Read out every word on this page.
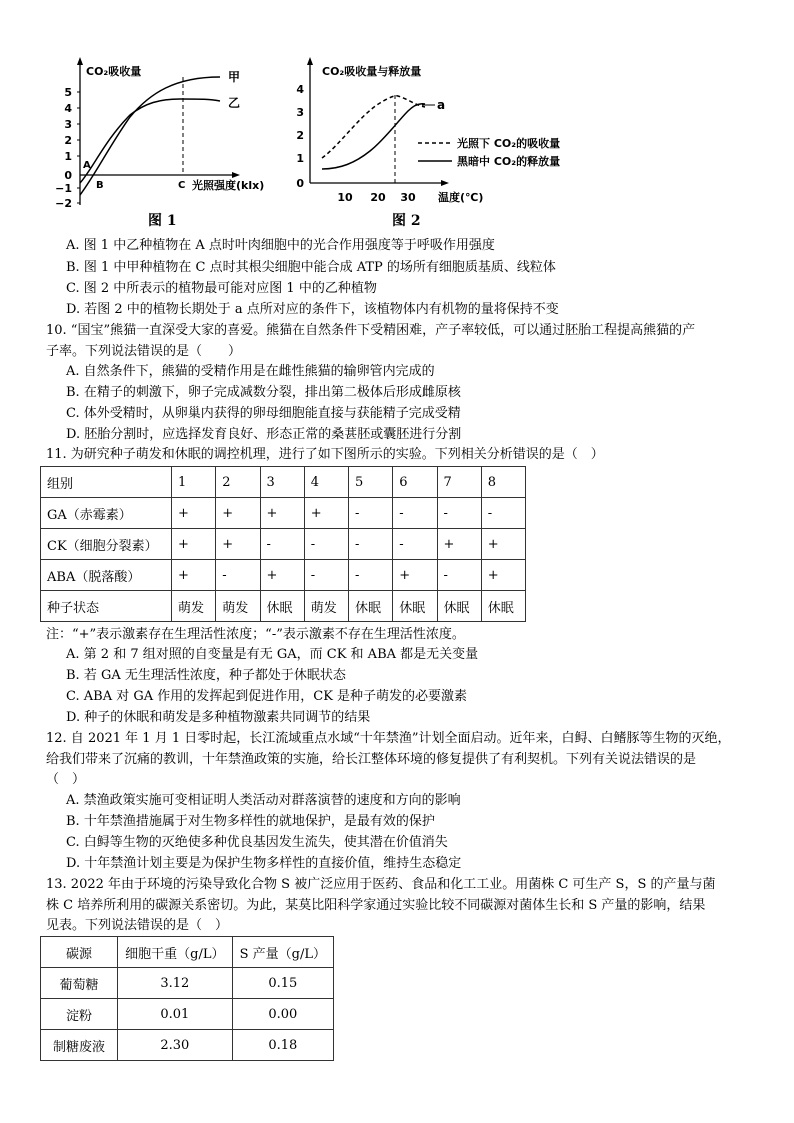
5
4
3
2
1
0
−1
−2
CO₂吸收量	甲
乙
A
B	C 光照强度(klx)
图 1
CO₂吸收量与释放量
4
3
2
1
0
10 20 30 温度(℃)
a
光照下 CO₂的吸收量
黑暗中 CO₂的释放量
图 2
A. 图 1 中乙种植物在 A 点时叶肉细胞中的光合作用强度等于呼吸作用强度
B. 图 1 中甲种植物在 C 点时其根尖细胞中能合成 ATP 的场所有细胞质基质、线粒体
C. 图 2 中所表示的植物最可能对应图 1 中的乙种植物
D. 若图 2 中的植物长期处于 a 点所对应的条件下，该植物体内有机物的量将保持不变
10. “国宝”熊猫一直深受大家的喜爱。熊猫在自然条件下受精困难，产子率较低，可以通过胚胎工程提高熊猫的产
子率。下列说法错误的是（　　）
A. 自然条件下，熊猫的受精作用是在雌性熊猫的输卵管内完成的
B. 在精子的刺激下，卵子完成减数分裂，排出第二极体后形成雌原核
C. 体外受精时，从卵巢内获得的卵母细胞能直接与获能精子完成受精
D. 胚胎分割时，应选择发育良好、形态正常的桑葚胚或囊胚进行分割
11. 为研究种子萌发和休眠的调控机理，进行了如下图所示的实验。下列相关分析错误的是（　）
组别	1	2	3	4	5	6	7	8
GA（赤霉素）	+	+	+	+	-	-	-	-
CK（细胞分裂素）	+	+	-	-	-	-	+	+
ABA（脱落酸）	+	-	+	-	-	+	-	+
种子状态	萌发	萌发	休眠	萌发	休眠	休眠	休眠	休眠
注：“+”表示激素存在生理活性浓度；“-”表示激素不存在生理活性浓度。
A. 第 2 和 7 组对照的自变量是有无 GA，而 CK 和 ABA 都是无关变量
B. 若 GA 无生理活性浓度，种子都处于休眠状态
C. ABA 对 GA 作用的发挥起到促进作用，CK 是种子萌发的必要激素
D. 种子的休眠和萌发是多种植物激素共同调节的结果
12. 自 2021 年 1 月 1 日零时起，长江流域重点水域“十年禁渔”计划全面启动。近年来，白鲟、白鳍豚等生物的灭绝，
给我们带来了沉痛的教训，十年禁渔政策的实施，给长江整体环境的修复提供了有利契机。下列有关说法错误的是
（　）
A. 禁渔政策实施可变相证明人类活动对群落演替的速度和方向的影响
B. 十年禁渔措施属于对生物多样性的就地保护，是最有效的保护
C. 白鲟等生物的灭绝使多种优良基因发生流失，使其潜在价值消失
D. 十年禁渔计划主要是为保护生物多样性的直接价值，维持生态稳定
13. 2022 年由于环境的污染导致化合物 S 被广泛应用于医药、食品和化工工业。用菌株 C 可生产 S，S 的产量与菌
株 C 培养所利用的碳源关系密切。为此，某莫比阳科学家通过实验比较不同碳源对菌体生长和 S 产量的影响，结果
见表。下列说法错误的是（　）
碳源	细胞干重（g/L）	S 产量（g/L）
葡萄糖	3.12	0.15
淀粉	0.01	0.00
制糖废液	2.30	0.18
